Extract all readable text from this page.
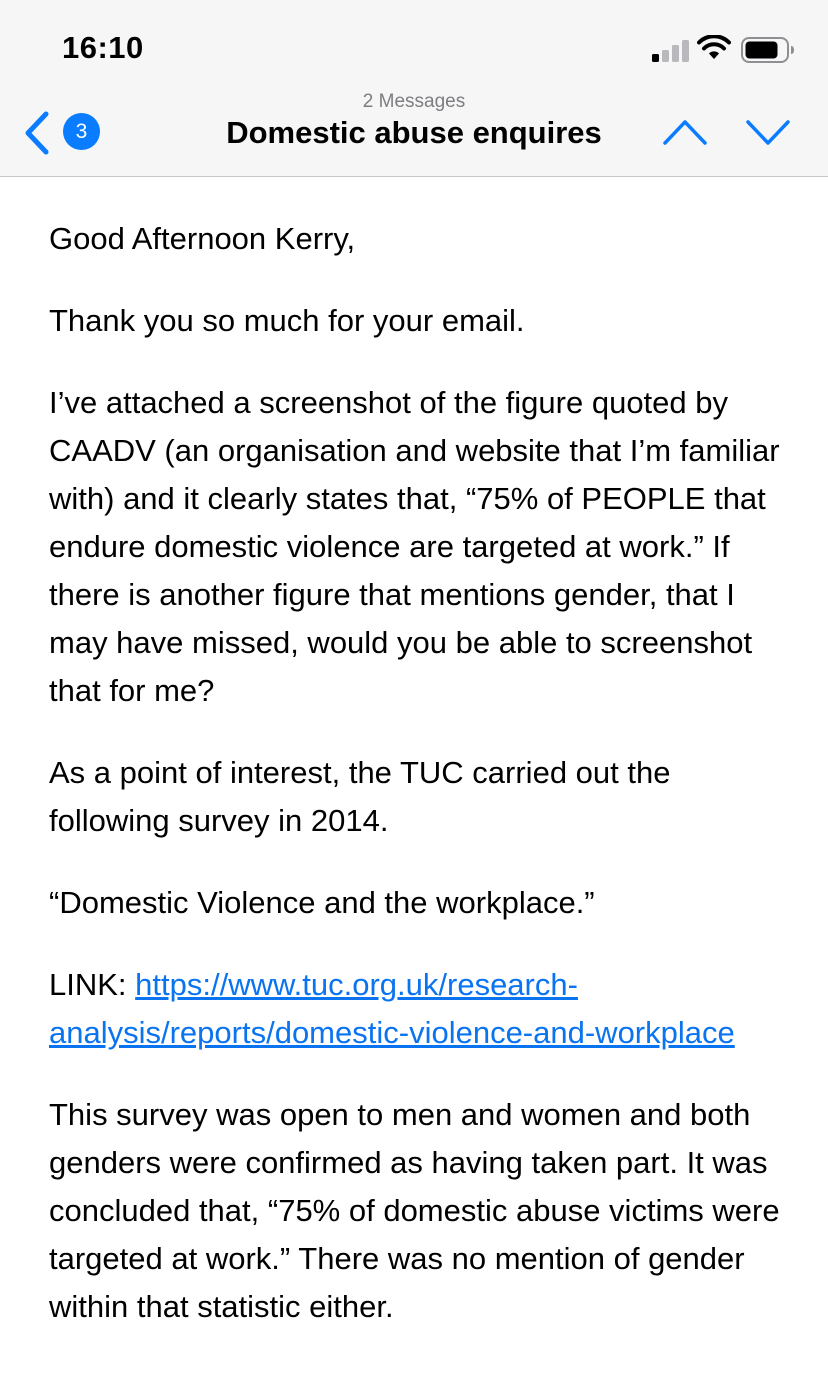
16:10
3
2 Messages
Domestic abuse enquires

Good Afternoon Kerry,

Thank you so much for your email.

I’ve attached a screenshot of the figure quoted by CAADV (an organisation and website that I’m familiar with) and it clearly states that, “75% of PEOPLE that endure domestic violence are targeted at work.” If there is another figure that mentions gender, that I may have missed, would you be able to screenshot that for me?

As a point of interest, the TUC carried out the following survey in 2014.

“Domestic Violence and the workplace.”

LINK: https://www.tuc.org.uk/research-analysis/reports/domestic-violence-and-workplace

This survey was open to men and women and both genders were confirmed as having taken part. It was concluded that, “75% of domestic abuse victims were targeted at work.” There was no mention of gender within that statistic either.
